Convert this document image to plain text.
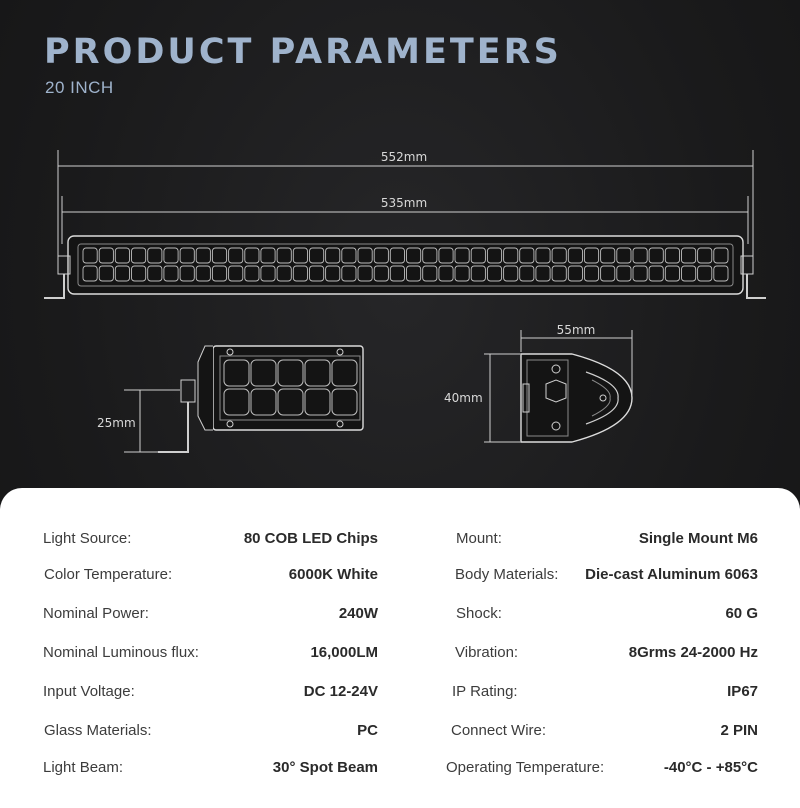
PRODUCT PARAMETERS
20 INCH
552mm
535mm
25mm
55mm
40mm
Light Source:	80 COB LED Chips	Mount:	Single Mount M6
Color Temperature:	6000K White	Body Materials: Die-cast Aluminum 6063
Nominal Power:	240W	Shock:	60 G
Nominal Luminous flux:	16,000LM	Vibration:	8Grms 24-2000 Hz
Input Voltage:	DC 12-24V	IP Rating:	IP67
Glass Materials:	PC	Connect Wire:	2 PIN
Light Beam:	30° Spot Beam	Operating Temperature:	-40°C - +85°C
